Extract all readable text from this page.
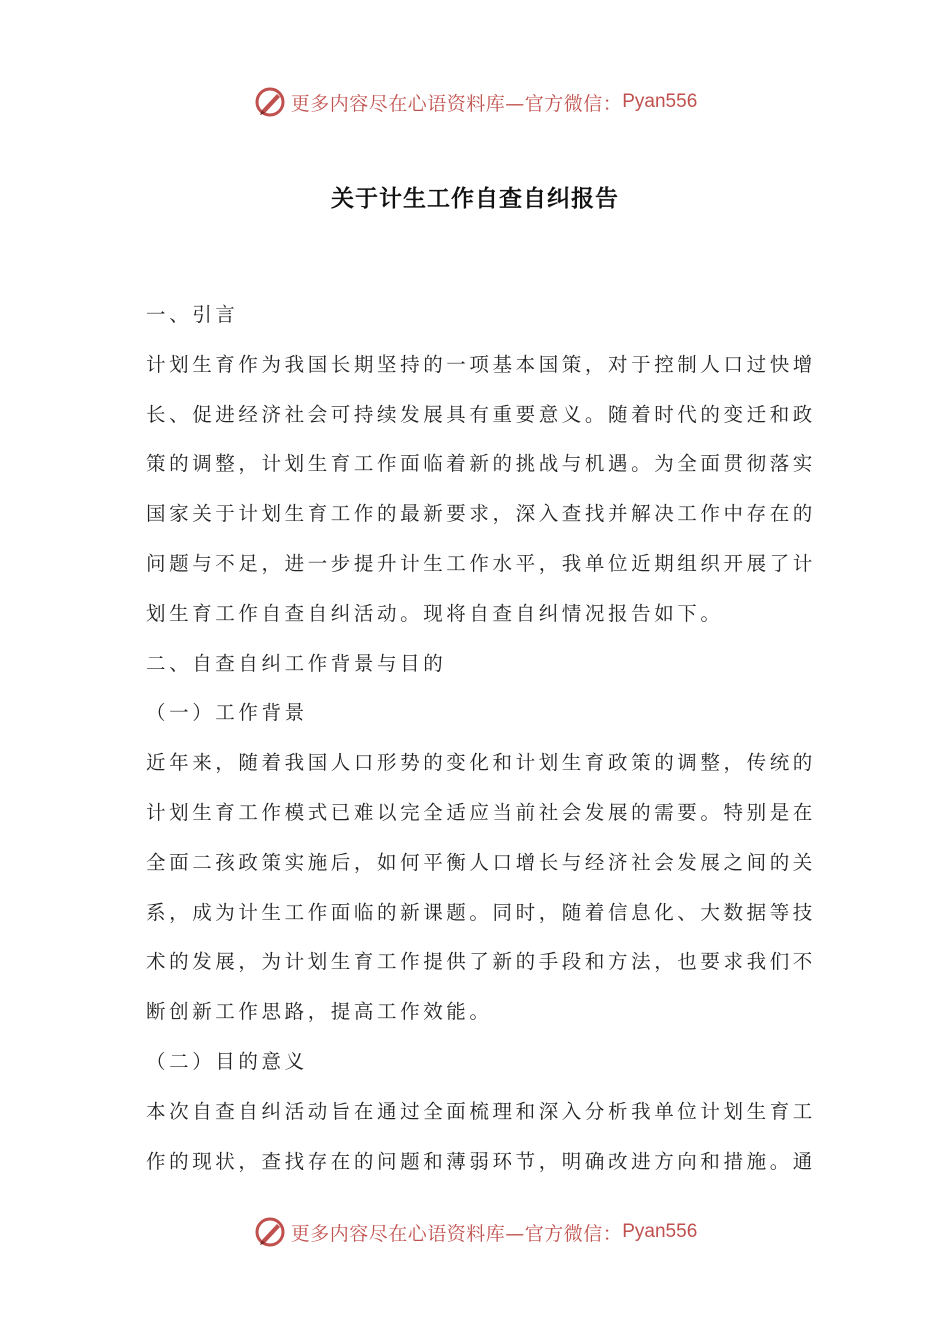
更多内容尽在心语资料库—官方微信： Pyan556
关于计生工作自查自纠报告
一、引言
计划生育作为我国长期坚持的一项基本国策，对于控制人口过快增
长、促进经济社会可持续发展具有重要意义。随着时代的变迁和政
策的调整，计划生育工作面临着新的挑战与机遇。为全面贯彻落实
国家关于计划生育工作的最新要求，深入查找并解决工作中存在的
问题与不足，进一步提升计生工作水平，我单位近期组织开展了计
划生育工作自查自纠活动。现将自查自纠情况报告如下。
二、自查自纠工作背景与目的
（一）工作背景
近年来，随着我国人口形势的变化和计划生育政策的调整，传统的
计划生育工作模式已难以完全适应当前社会发展的需要。特别是在
全面二孩政策实施后，如何平衡人口增长与经济社会发展之间的关
系，成为计生工作面临的新课题。同时，随着信息化、大数据等技
术的发展，为计划生育工作提供了新的手段和方法，也要求我们不
断创新工作思路，提高工作效能。
（二）目的意义
本次自查自纠活动旨在通过全面梳理和深入分析我单位计划生育工
作的现状，查找存在的问题和薄弱环节，明确改进方向和措施。通
更多内容尽在心语资料库—官方微信： Pyan556
